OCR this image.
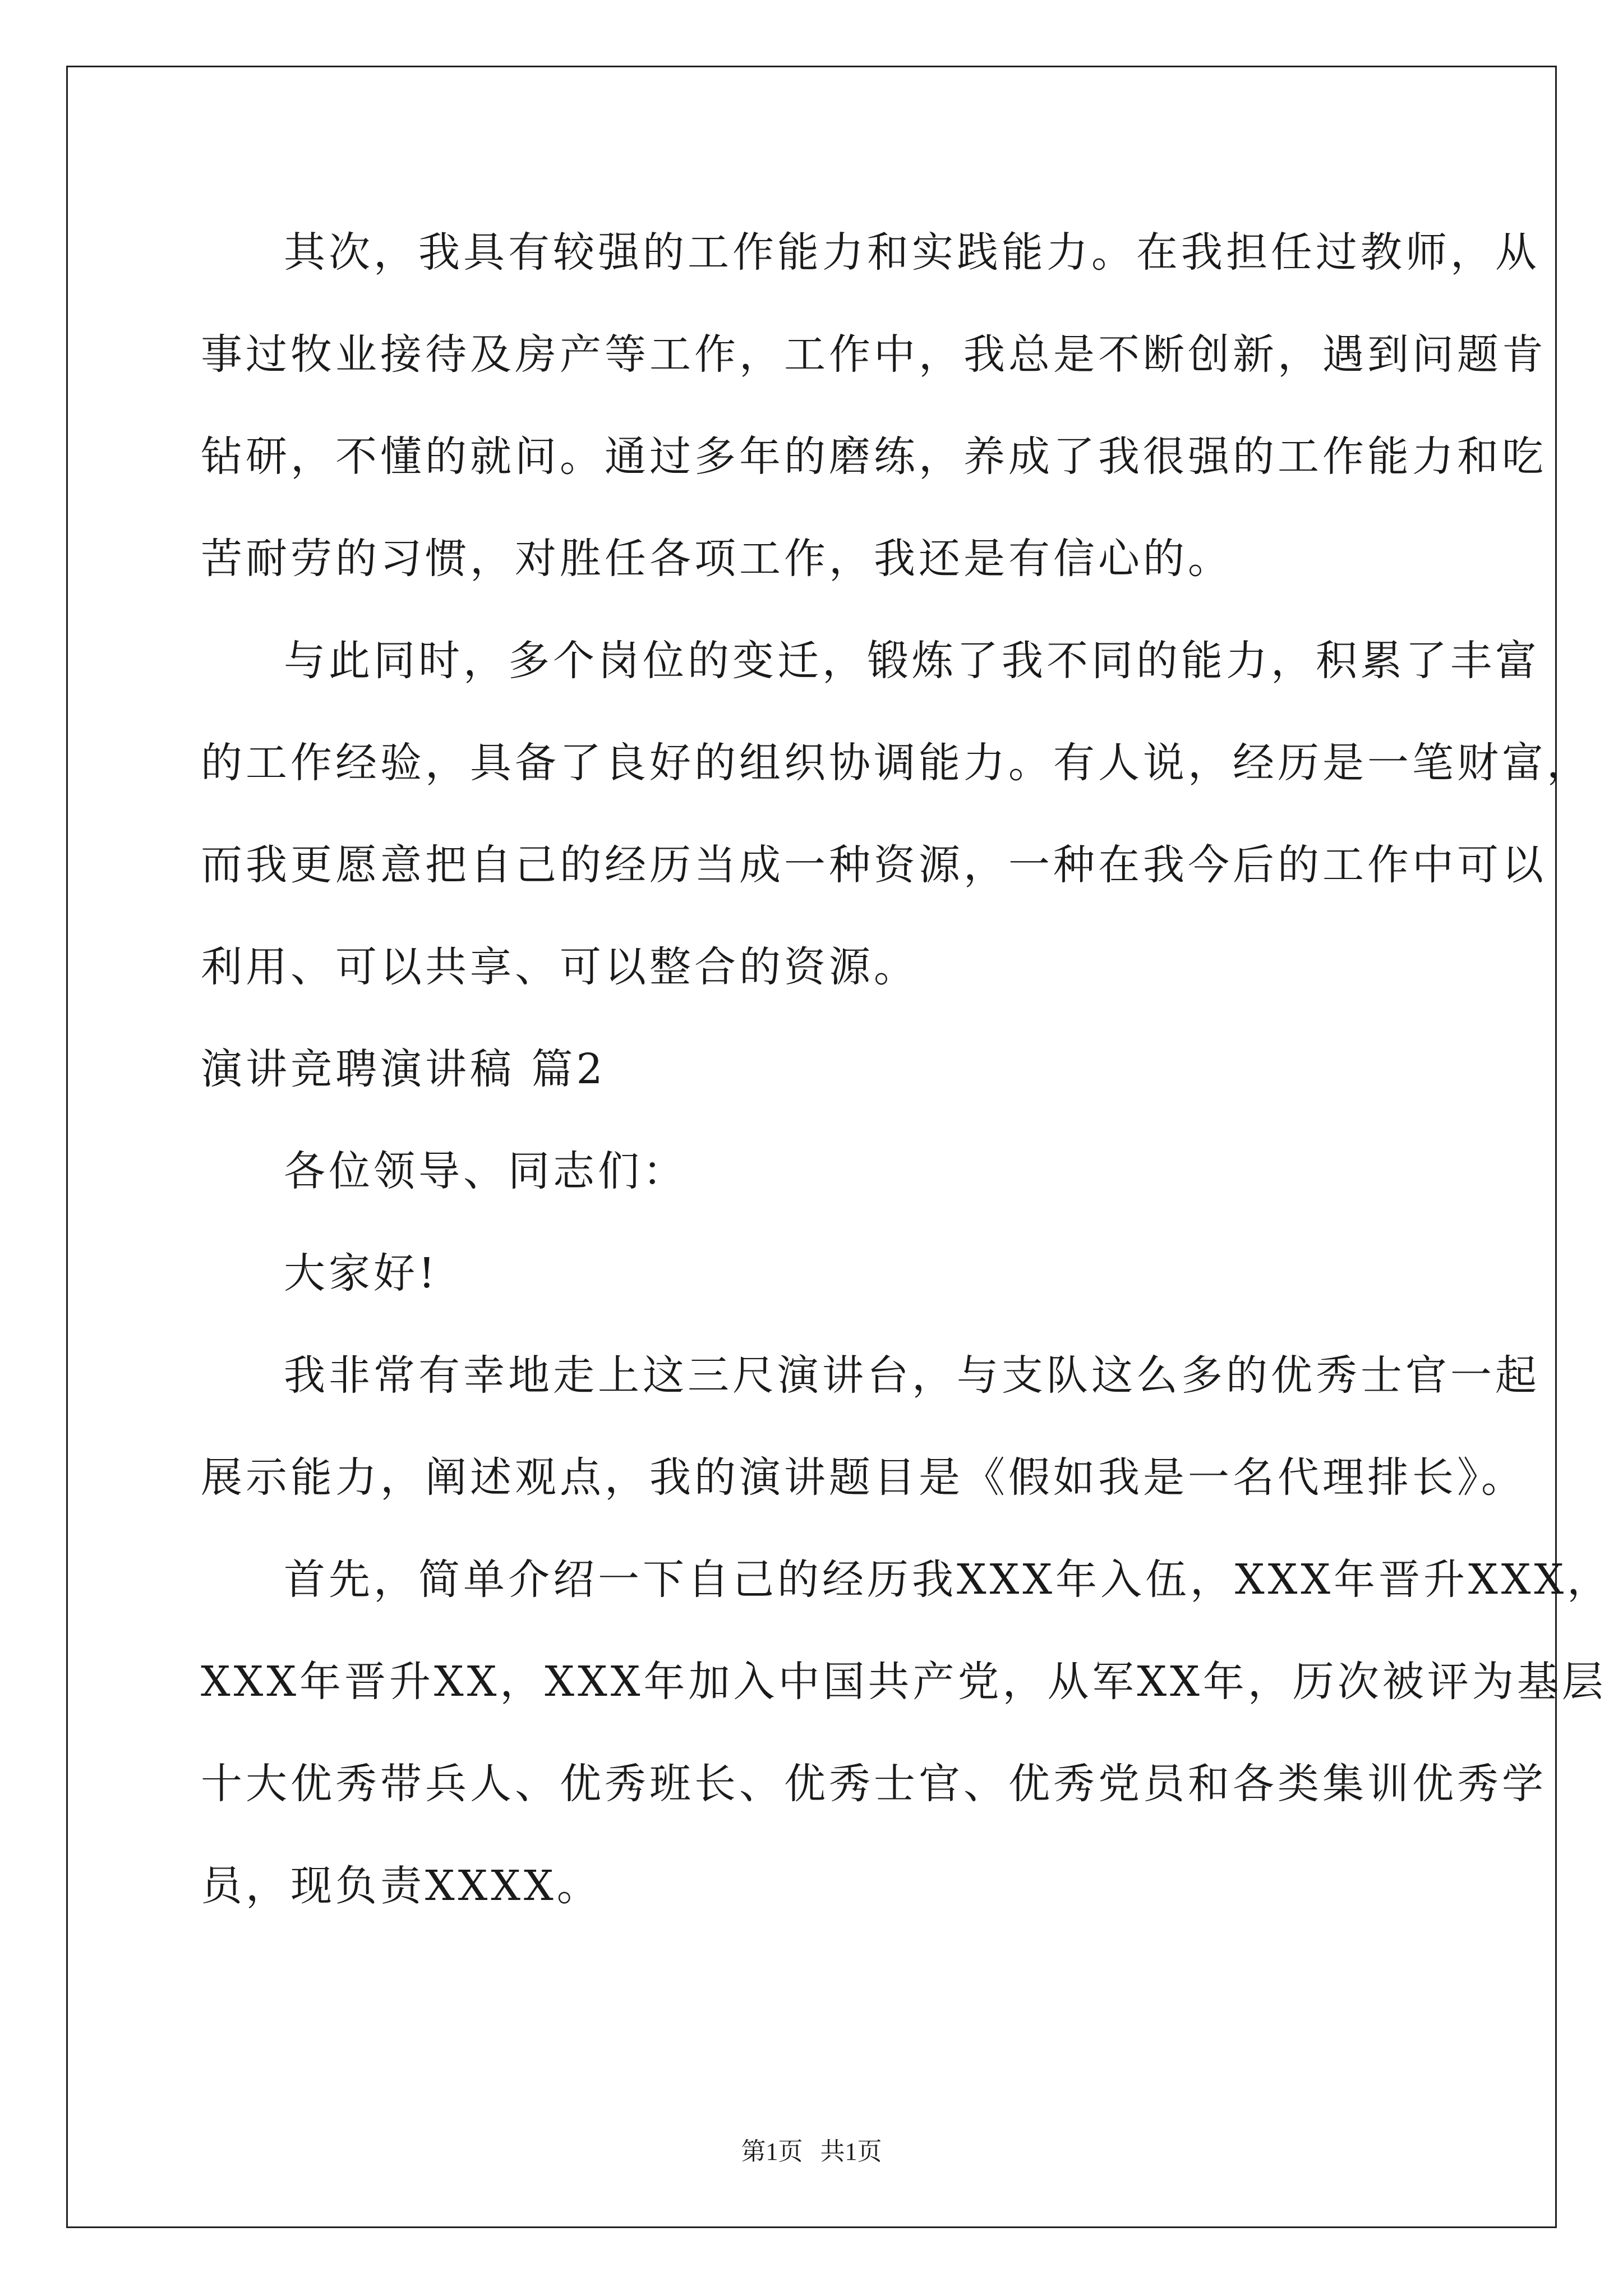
其次，我具有较强的工作能力和实践能力。在我担任过教师，从
事过牧业接待及房产等工作，工作中，我总是不断创新，遇到问题肯
钻研，不懂的就问。通过多年的磨练，养成了我很强的工作能力和吃
苦耐劳的习惯，对胜任各项工作，我还是有信心的。
与此同时，多个岗位的变迁，锻炼了我不同的能力，积累了丰富
的工作经验，具备了良好的组织协调能力。有人说，经历是一笔财富，
而我更愿意把自己的经历当成一种资源，一种在我今后的工作中可以
利用、可以共享、可以整合的资源。
演讲竞聘演讲稿 篇2
各位领导、同志们：
大家好!
我非常有幸地走上这三尺演讲台，与支队这么多的优秀士官一起
展示能力，阐述观点，我的演讲题目是《假如我是一名代理排长》。
首先，简单介绍一下自己的经历我XXX年入伍，XXX年晋升XXX，
XXX年晋升XX，XXX年加入中国共产党，从军XX年，历次被评为基层
十大优秀带兵人、优秀班长、优秀士官、优秀党员和各类集训优秀学
员，现负责XXXX。
第1页 共1页
